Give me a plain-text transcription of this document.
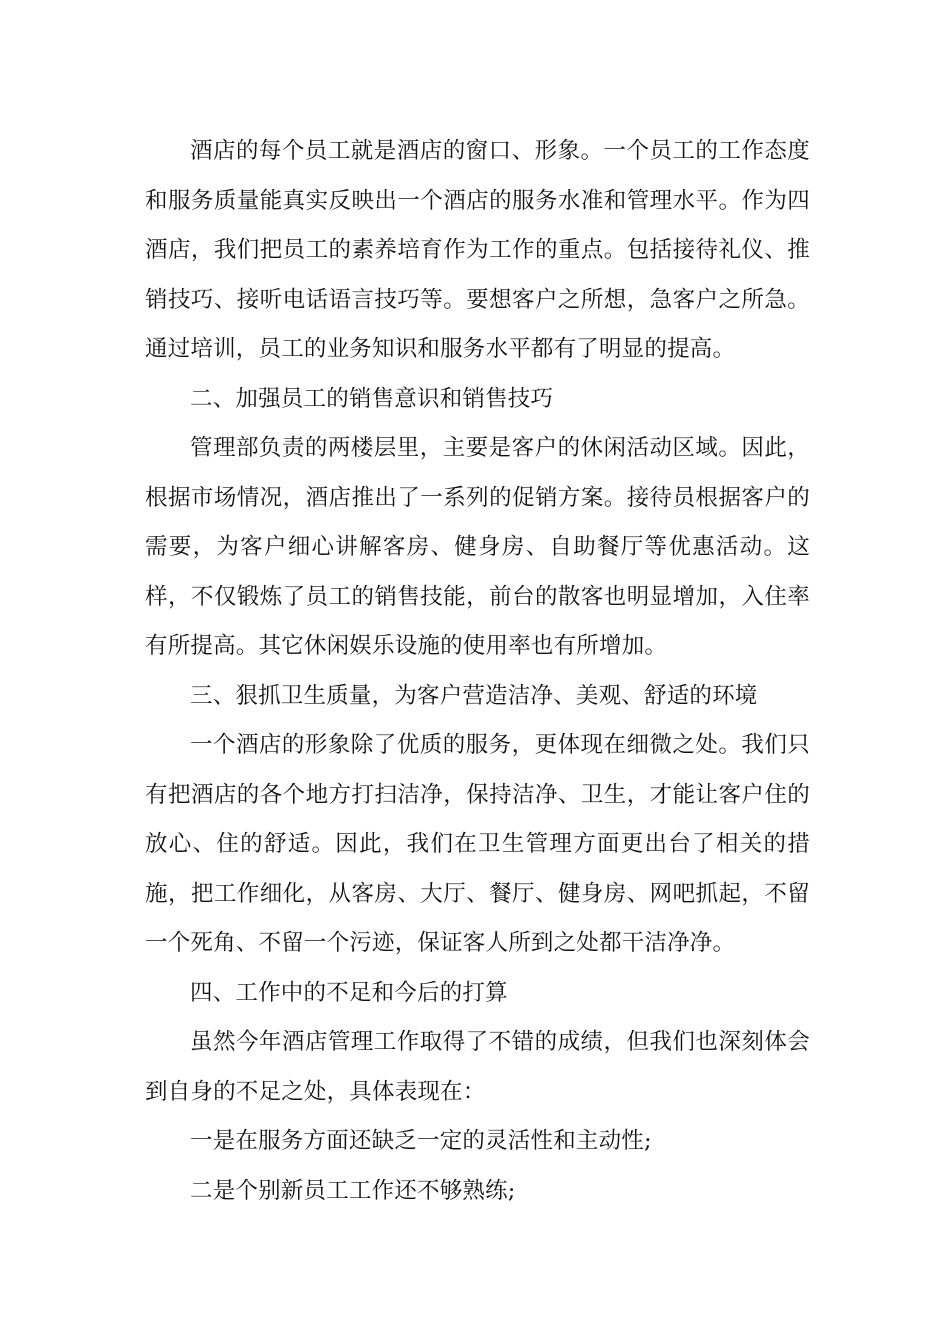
酒店的每个员工就是酒店的窗口、形象。一个员工的工作态度和服务质量能真实反映出一个酒店的服务水准和管理水平。作为四酒店，我们把员工的素养培育作为工作的重点。包括接待礼仪、推销技巧、接听电话语言技巧等。要想客户之所想，急客户之所急。通过培训，员工的业务知识和服务水平都有了明显的提高。

二、加强员工的销售意识和销售技巧

管理部负责的两楼层里，主要是客户的休闲活动区域。因此，根据市场情况，酒店推出了一系列的促销方案。接待员根据客户的需要，为客户细心讲解客房、健身房、自助餐厅等优惠活动。这样，不仅锻炼了员工的销售技能，前台的散客也明显增加，入住率有所提高。其它休闲娱乐设施的使用率也有所增加。

三、狠抓卫生质量，为客户营造洁净、美观、舒适的环境

一个酒店的形象除了优质的服务，更体现在细微之处。我们只有把酒店的各个地方打扫洁净，保持洁净、卫生，才能让客户住的放心、住的舒适。因此，我们在卫生管理方面更出台了相关的措施，把工作细化，从客房、大厅、餐厅、健身房、网吧抓起，不留一个死角、不留一个污迹，保证客人所到之处都干洁净净。

四、工作中的不足和今后的打算

虽然今年酒店管理工作取得了不错的成绩，但我们也深刻体会到自身的不足之处，具体表现在：

一是在服务方面还缺乏一定的灵活性和主动性;

二是个别新员工工作还不够熟练;
